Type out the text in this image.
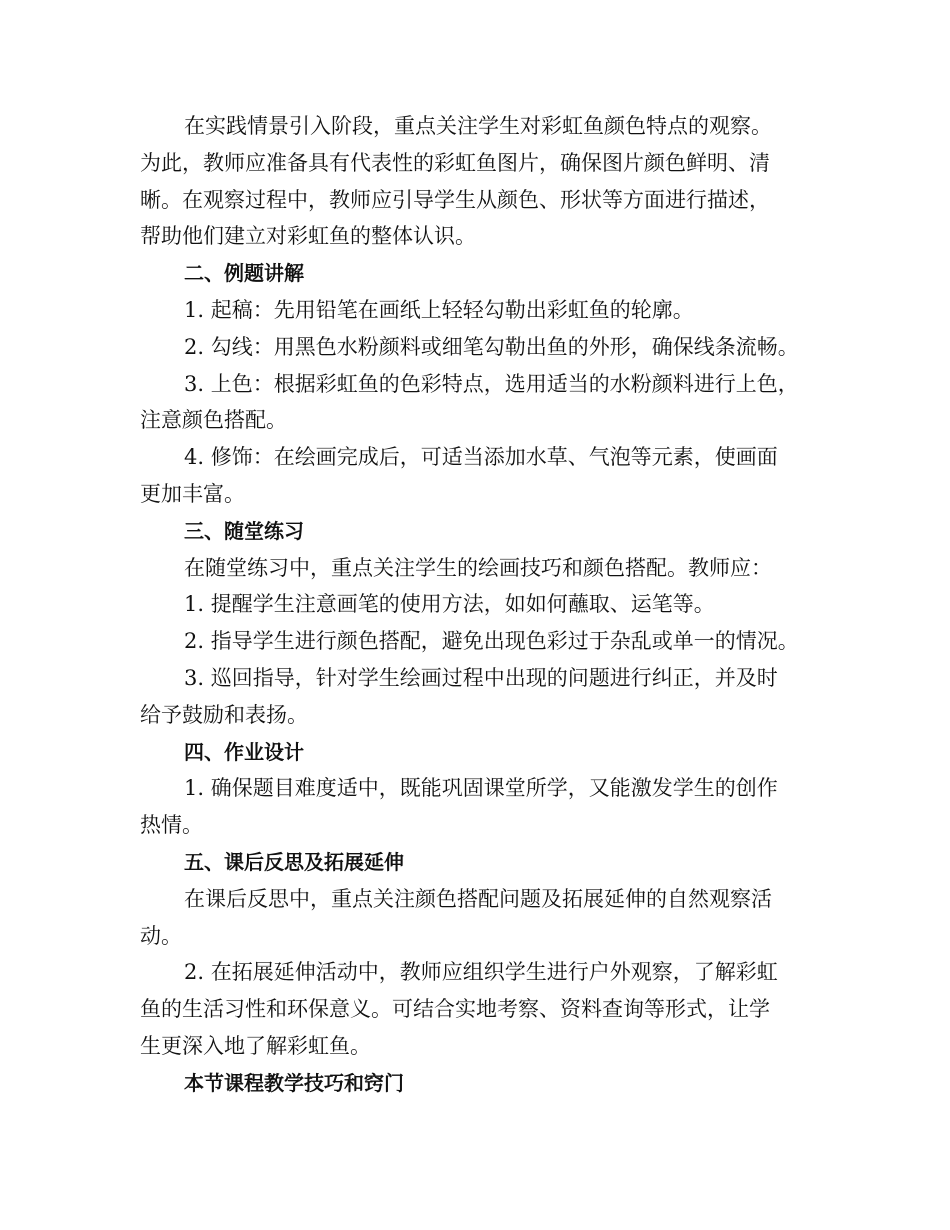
在实践情景引入阶段，重点关注学生对彩虹鱼颜色特点的观察。

为此，教师应准备具有代表性的彩虹鱼图片，确保图片颜色鲜明、清

晰。在观察过程中，教师应引导学生从颜色、形状等方面进行描述，

帮助他们建立对彩虹鱼的整体认识。

二、例题讲解

1. 起稿：先用铅笔在画纸上轻轻勾勒出彩虹鱼的轮廓。

2. 勾线：用黑色水粉颜料或细笔勾勒出鱼的外形，确保线条流畅。

3. 上色：根据彩虹鱼的色彩特点，选用适当的水粉颜料进行上色，

注意颜色搭配。

4. 修饰：在绘画完成后，可适当添加水草、气泡等元素，使画面

更加丰富。

三、随堂练习

在随堂练习中，重点关注学生的绘画技巧和颜色搭配。教师应：

1. 提醒学生注意画笔的使用方法，如如何蘸取、运笔等。

2. 指导学生进行颜色搭配，避免出现色彩过于杂乱或单一的情况。

3. 巡回指导，针对学生绘画过程中出现的问题进行纠正，并及时

给予鼓励和表扬。

四、作业设计

1. 确保题目难度适中，既能巩固课堂所学，又能激发学生的创作

热情。

五、课后反思及拓展延伸

在课后反思中，重点关注颜色搭配问题及拓展延伸的自然观察活

动。

2. 在拓展延伸活动中，教师应组织学生进行户外观察，了解彩虹

鱼的生活习性和环保意义。可结合实地考察、资料查询等形式，让学

生更深入地了解彩虹鱼。

本节课程教学技巧和窍门
